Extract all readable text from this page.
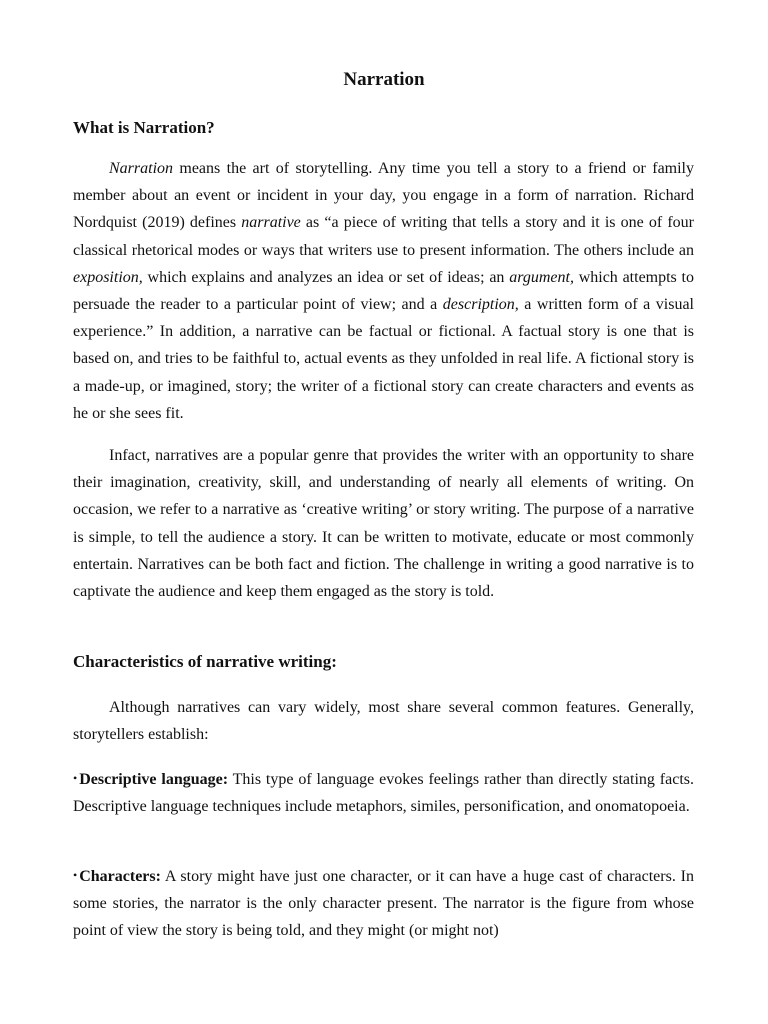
Narration
What is Narration?

Narration means the art of storytelling. Any time you tell a story to a friend or family member about an event or incident in your day, you engage in a form of narration. Richard Nordquist (2019) defines narrative as “a piece of writing that tells a story and it is one of four classical rhetorical modes or ways that writers use to present information. The others include an exposition, which explains and analyzes an idea or set of ideas; an argument, which attempts to persuade the reader to a particular point of view; and a description, a written form of a visual experience.” In addition, a narrative can be factual or fictional. A factual story is one that is based on, and tries to be faithful to, actual events as they unfolded in real life. A fictional story is a made-up, or imagined, story; the writer of a fictional story can create characters and events as he or she sees fit.

Infact, narratives are a popular genre that provides the writer with an opportunity to share their imagination, creativity, skill, and understanding of nearly all elements of writing. On occasion, we refer to a narrative as ‘creative writing’ or story writing. The purpose of a narrative is simple, to tell the audience a story. It can be written to motivate, educate or most commonly entertain. Narratives can be both fact and fiction. The challenge in writing a good narrative is to captivate the audience and keep them engaged as the story is told.

Characteristics of narrative writing:

Although narratives can vary widely, most share several common features. Generally, storytellers establish:

• Descriptive language: This type of language evokes feelings rather than directly stating facts. Descriptive language techniques include metaphors, similes, personification, and onomatopoeia.

• Characters: A story might have just one character, or it can have a huge cast of characters. In some stories, the narrator is the only character present. The narrator is the figure from whose point of view the story is being told, and they might (or might not)
